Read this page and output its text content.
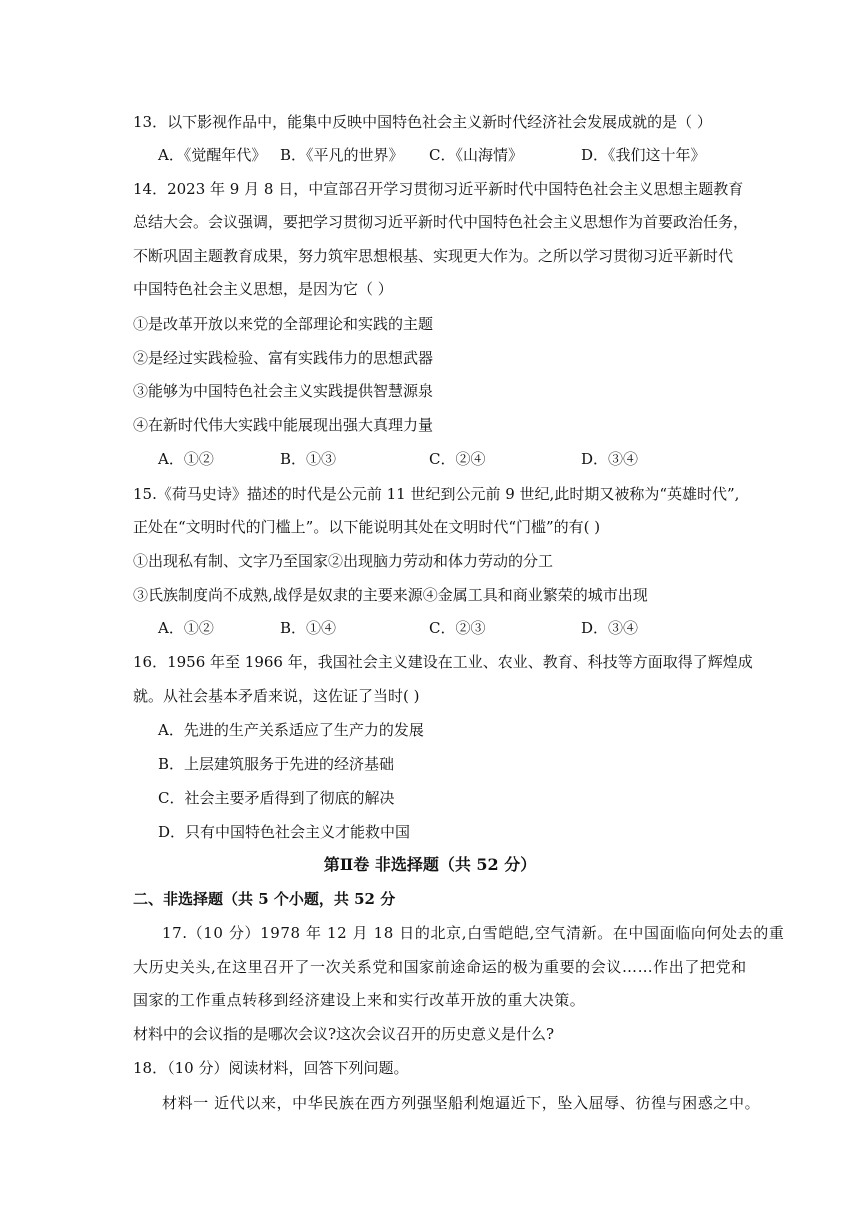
13．以下影视作品中，能集中反映中国特色社会主义新时代经济社会发展成就的是（ ）
A．《觉醒年代》 B．《平凡的世界》 C．《山海情》	D．《我们这十年》
14．2023 年 9 月 8 日，中宣部召开学习贯彻习近平新时代中国特色社会主义思想主题教育
总结大会。会议强调，要把学习贯彻习近平新时代中国特色社会主义思想作为首要政治任务，
不断巩固主题教育成果，努力筑牢思想根基、实现更大作为。之所以学习贯彻习近平新时代
中国特色社会主义思想，是因为它（ ）
①是改革开放以来党的全部理论和实践的主题
②是经过实践检验、富有实践伟力的思想武器
③能够为中国特色社会主义实践提供智慧源泉
④在新时代伟大实践中能展现出强大真理力量
A．①②	B．①③	C．②④	D．③④
15.《荷马史诗》描述的时代是公元前 11 世纪到公元前 9 世纪,此时期又被称为“英雄时代”,
正处在“文明时代的门槛上”。以下能说明其处在文明时代“门槛”的有( )
①出现私有制、文字乃至国家②出现脑力劳动和体力劳动的分工
③氏族制度尚不成熟,战俘是奴隶的主要来源④金属工具和商业繁荣的城市出现
A．①②	B．①④	C．②③	D．③④
16．1956 年至 1966 年，我国社会主义建设在工业、农业、教育、科技等方面取得了辉煌成
就。从社会基本矛盾来说，这佐证了当时( )
A．先进的生产关系适应了生产力的发展
B．上层建筑服务于先进的经济基础
C．社会主要矛盾得到了彻底的解决
D．只有中国特色社会主义才能救中国
第Ⅱ卷 非选择题（共 52 分）
二、非选择题（共 5 个小题，共 52 分
17.（10 分）1978 年 12 月 18 日的北京,白雪皑皑,空气清新。在中国面临向何处去的重
大历史关头,在这里召开了一次关系党和国家前途命运的极为重要的会议……作出了把党和
国家的工作重点转移到经济建设上来和实行改革开放的重大决策。
材料中的会议指的是哪次会议?这次会议召开的历史意义是什么?
18．（10 分）阅读材料，回答下列问题。
材料一 近代以来，中华民族在西方列强坚船利炮逼近下，坠入屈辱、彷徨与困惑之中。
